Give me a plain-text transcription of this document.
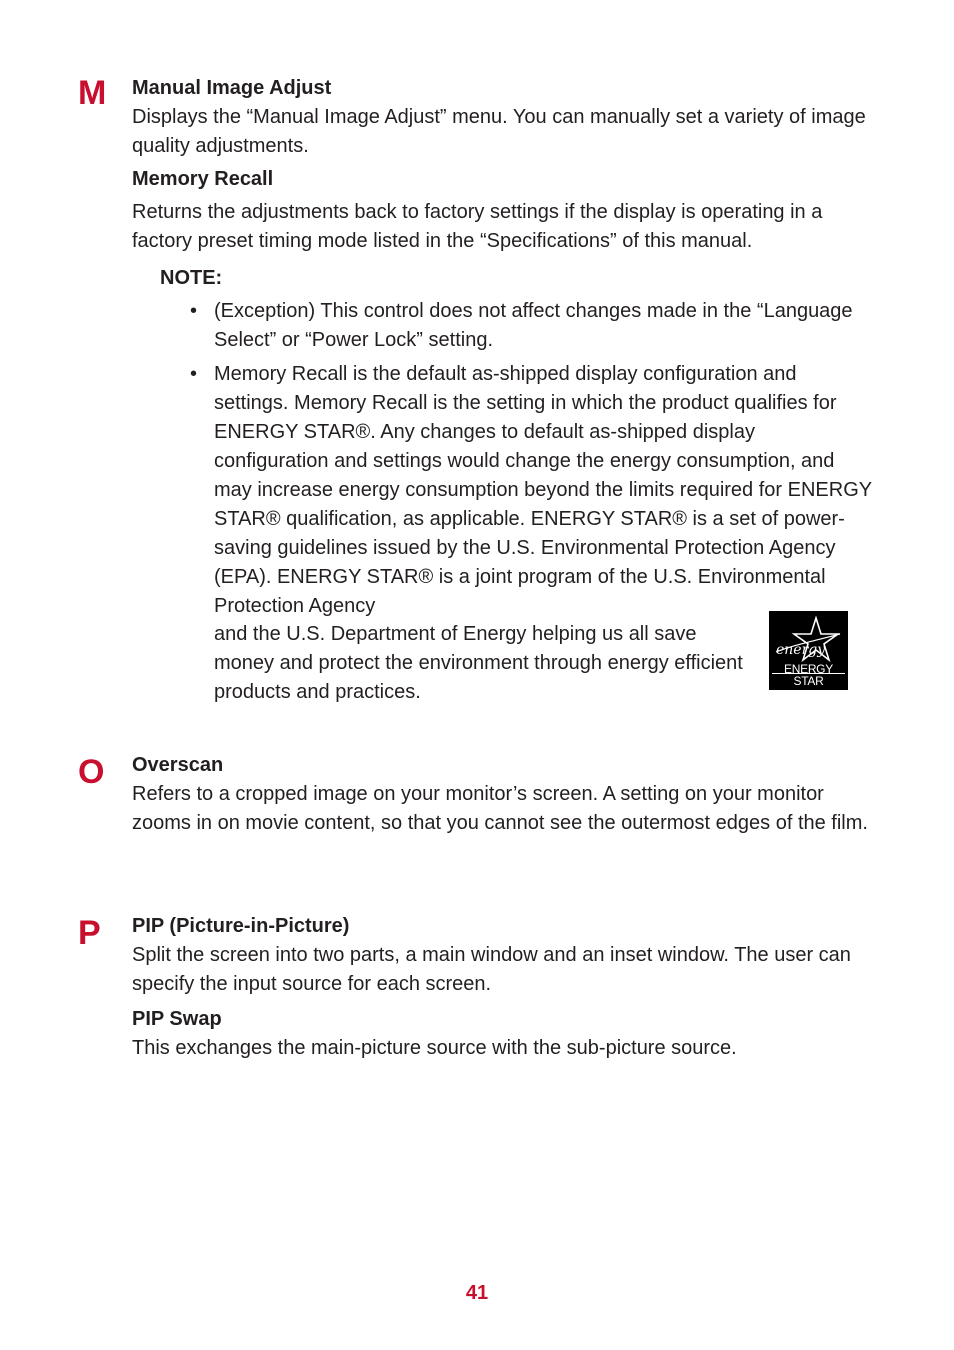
M Manual Image Adjust

Displays the “Manual Image Adjust” menu. You can manually set a variety of image quality adjustments.

Memory Recall

Returns the adjustments back to factory settings if the display is operating in a factory preset timing mode listed in the “Specifications” of this manual.

NOTE:
• (Exception) This control does not affect changes made in the “Language Select” or “Power Lock” setting.
• Memory Recall is the default as-shipped display configuration and settings. Memory Recall is the setting in which the product qualifies for ENERGY STAR®. Any changes to default as-shipped display configuration and settings would change the energy consumption, and may increase energy consumption beyond the limits required for ENERGY STAR® qualification, as applicable. ENERGY STAR® is a set of power-saving guidelines issued by the U.S. Environmental Protection Agency (EPA). ENERGY STAR® is a joint program of the U.S. Environmental Protection Agency
and the U.S. Department of Energy helping us all save money and protect the environment through energy efficient products and practices.
energy
ENERGY STAR
O Overscan

Refers to a cropped image on your monitor’s screen. A setting on your monitor zooms in on movie content, so that you cannot see the outermost edges of the film.

P PIP (Picture-in-Picture)

Split the screen into two parts, a main window and an inset window. The user can specify the input source for each screen.

PIP Swap

This exchanges the main-picture source with the sub-picture source.

41
